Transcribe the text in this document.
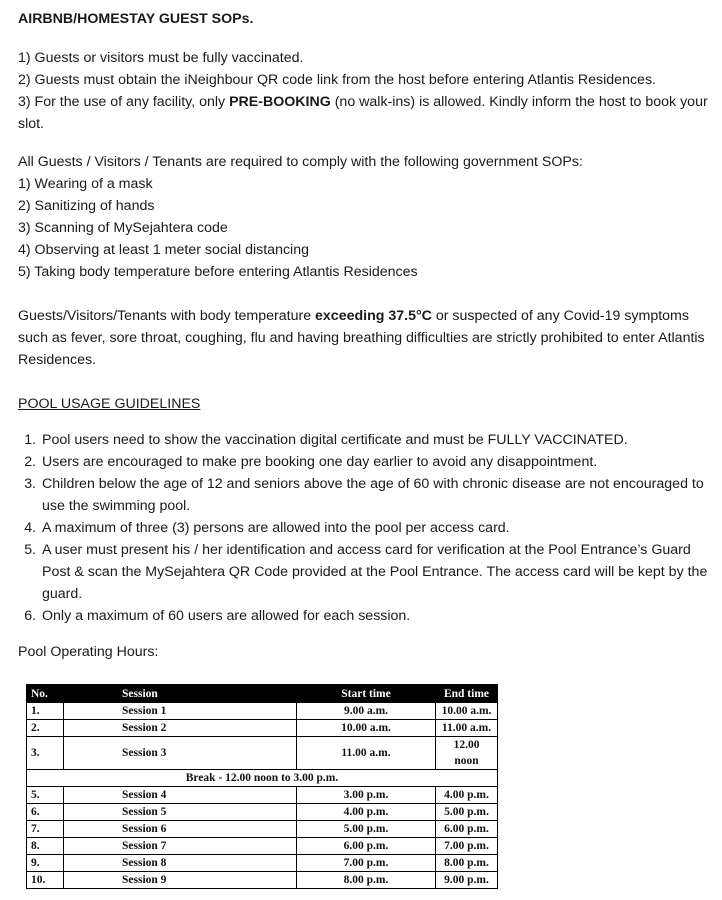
AIRBNB/HOMESTAY GUEST SOPs.
1) Guests or visitors must be fully vaccinated.
2) Guests must obtain the iNeighbour QR code link from the host before entering Atlantis Residences.
3) For the use of any facility, only PRE-BOOKING (no walk-ins) is allowed. Kindly inform the host to book your slot.
All Guests / Visitors / Tenants are required to comply with the following government SOPs:
1) Wearing of a mask
2) Sanitizing of hands
3) Scanning of MySejahtera code
4) Observing at least 1 meter social distancing
5) Taking body temperature before entering Atlantis Residences
Guests/Visitors/Tenants with body temperature exceeding 37.5°C or suspected of any Covid-19 symptoms such as fever, sore throat, coughing, flu and having breathing difficulties are strictly prohibited to enter Atlantis Residences.
POOL USAGE GUIDELINES
1. Pool users need to show the vaccination digital certificate and must be FULLY VACCINATED.
2. Users are encouraged to make pre booking one day earlier to avoid any disappointment.
3. Children below the age of 12 and seniors above the age of 60 with chronic disease are not encouraged to use the swimming pool.
4. A maximum of three (3) persons are allowed into the pool per access card.
5. A user must present his / her identification and access card for verification at the Pool Entrance’s Guard Post & scan the MySejahtera QR Code provided at the Pool Entrance. The access card will be kept by the guard.
6. Only a maximum of 60 users are allowed for each session.
Pool Operating Hours:
No.	Session	Start time	End time
1.	Session 1	9.00 a.m.	10.00 a.m.
2.	Session 2	10.00 a.m.	11.00 a.m.
3.	Session 3	11.00 a.m.	12.00 noon
Break - 12.00 noon to 3.00 p.m.			
5.	Session 4	3.00 p.m.	4.00 p.m.
6.	Session 5	4.00 p.m.	5.00 p.m.
7.	Session 6	5.00 p.m.	6.00 p.m.
8.	Session 7	6.00 p.m.	7.00 p.m.
9.	Session 8	7.00 p.m.	8.00 p.m.
10.	Session 9	8.00 p.m.	9.00 p.m.
